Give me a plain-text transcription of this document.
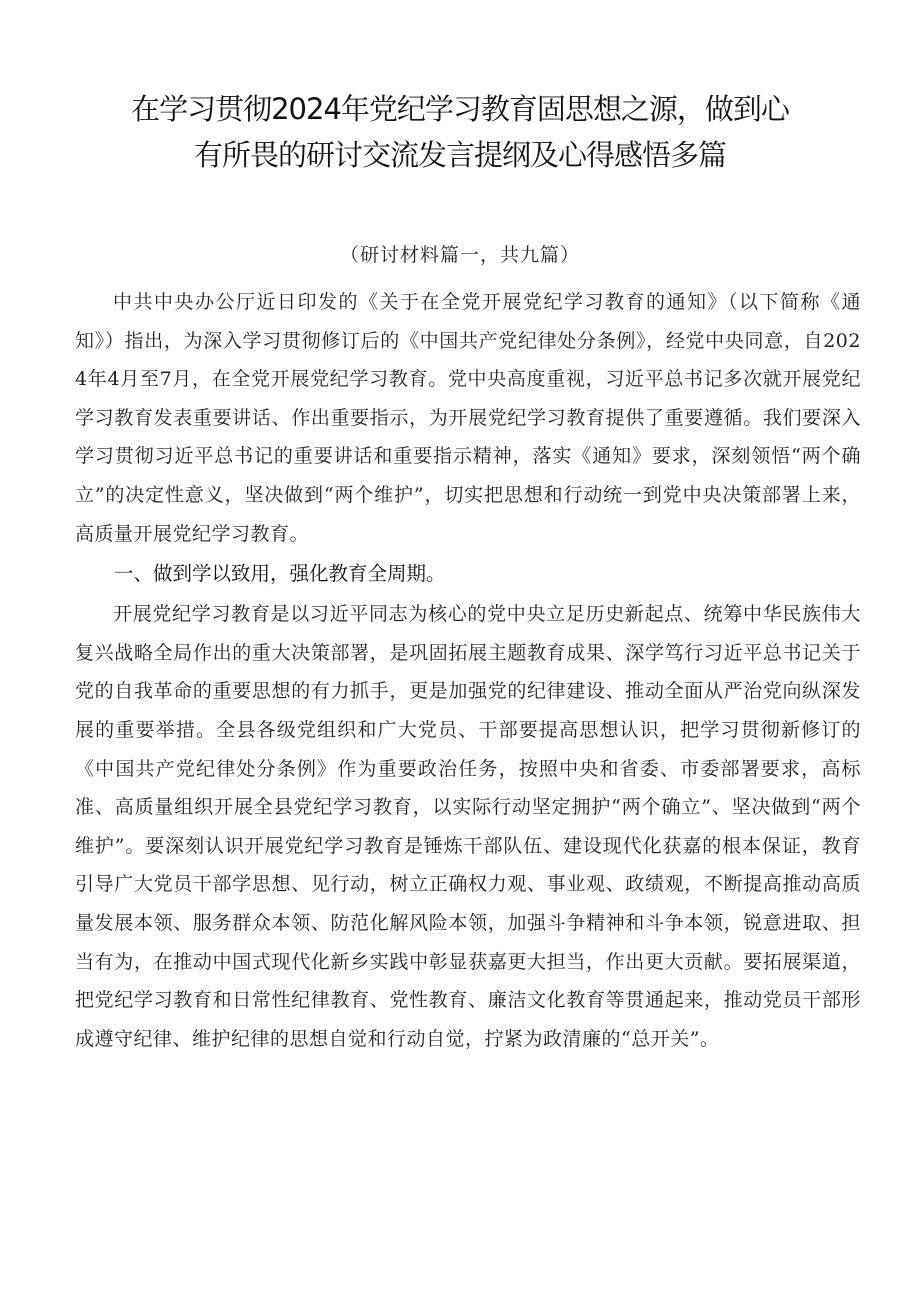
在学习贯彻2024年党纪学习教育固思想之源，做到心
有所畏的研讨交流发言提纲及心得感悟多篇

（研讨材料篇一，共九篇）

中共中央办公厅近日印发的《关于在全党开展党纪学习教育的通知》（以下简称《通知》）指出，为深入学习贯彻修订后的《中国共产党纪律处分条例》，经党中央同意，自2024年4月至7月，在全党开展党纪学习教育。党中央高度重视，习近平总书记多次就开展党纪学习教育发表重要讲话、作出重要指示，为开展党纪学习教育提供了重要遵循。我们要深入学习贯彻习近平总书记的重要讲话和重要指示精神，落实《通知》要求，深刻领悟“两个确立”的决定性意义，坚决做到“两个维护”，切实把思想和行动统一到党中央决策部署上来，高质量开展党纪学习教育。

一、做到学以致用，强化教育全周期。

开展党纪学习教育是以习近平同志为核心的党中央立足历史新起点、统筹中华民族伟大复兴战略全局作出的重大决策部署，是巩固拓展主题教育成果、深学笃行习近平总书记关于党的自我革命的重要思想的有力抓手，更是加强党的纪律建设、推动全面从严治党向纵深发展的重要举措。全县各级党组织和广大党员、干部要提高思想认识，把学习贯彻新修订的《中国共产党纪律处分条例》作为重要政治任务，按照中央和省委、市委部署要求，高标准、高质量组织开展全县党纪学习教育，以实际行动坚定拥护“两个确立”、坚决做到“两个维护”。要深刻认识开展党纪学习教育是锤炼干部队伍、建设现代化获嘉的根本保证，教育引导广大党员干部学思想、见行动，树立正确权力观、事业观、政绩观，不断提高推动高质量发展本领、服务群众本领、防范化解风险本领，加强斗争精神和斗争本领，锐意进取、担当有为，在推动中国式现代化新乡实践中彰显获嘉更大担当，作出更大贡献。要拓展渠道，把党纪学习教育和日常性纪律教育、党性教育、廉洁文化教育等贯通起来，推动党员干部形成遵守纪律、维护纪律的思想自觉和行动自觉，拧紧为政清廉的“总开关”。
